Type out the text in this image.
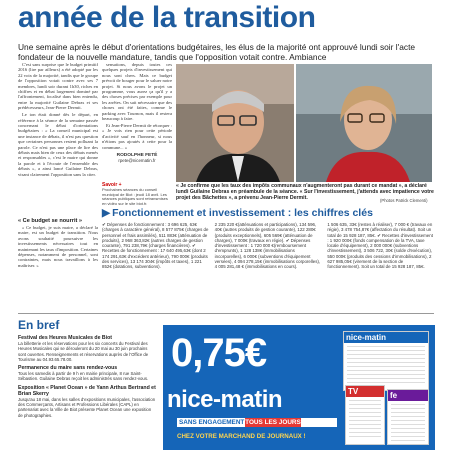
année de la transition
Une semaine après le début d'orientations budgétaires, les élus de la majorité ont approuvé lundi soir l'acte fondateur de la nouvelle mandature, tandis que l'opposition votait contre. Ambiance

C'est sans surprise que le budget primitif 2016 (lire par ailleurs) a été adopté par les 22 voix de la majorité, tandis que le groupe de l'opposition votait contre avec ses 7 membres, lundi soir durant 1h30, riches en chiffres et en débat largement dominé par l'affrontement, focalisé dans bien entendu, entre la majorité Guilaine Debras et ses prédécesseurs, Jean-Pierre Dermit.

Le ton était donné dès le départ, en référence à la séance de la semaine passée concernant le débat d'orientations budgétaires : « La conseil municipal est une instance de débats, il n'est pas question que certaines personnes restent polluant la parole. Ce n'est pas une place de lire des débats mais bien de ceux des débats menés et responsables », c'est le maire qui donne la parole et à l'écoute de l'ensemble des débats », a ainsi lancé Guilaine Debras, visant clairement l'opposition sans la citer.

sensations, depuis toutes ces quelques projets d'investissement qui nous sont chers. Mais ce budget prévoit de bouger pour le saluer notre projet. Si nous avons le projet un programme, vous aurez ça qu'il y a des choses précises par exemple pour les arrêtes. On sait nécessaire que des choses ont été faites, comme le parking avec Tournon, mais il restera beaucoup à faire.

Et Jean-Pierre Dermit de rétorquer : « Je vois rien pour cette période d'activité sauf en l'honneur, si nous n'étions pas ajoutés à cette pour la commune... »

RODOLPHE FETÉ
rpete@nicematin.fr
Savoir +
Prochaines séances du conseil municipal de Biot : jeudi 18 avril. Les séances publiques sont retransmises en vidéo sur le site biot.fr.
« Je confirme que les taux des impôts communaux n'augmenteront pas durant ce mandat », a déclaré lundi Guilaine Debras en préambule de la séance. « Sur l'investissement, j'attends avec impatience votre projet des Bâchettes », a prévenu Jean-Pierre Dermit.	(Photos Patrick Clementi)
« Ce budget se nourrit »

« Ce budget, je suis maire, a déclaré la maire, est un budget de transition. Nous avons souhaité poursuivre les investissements nécessaires tout en maintenant les taux d'imposition. Certaines dépenses, notamment de personnel, sont contraintes, mais nous travaillons à les maîtriser. »

▶ Fonctionnement et investissement : les chiffres clés
✔ Dépenses de fonctionnement : 3 696 625, 63€ (charges à caractère général), 8 577 875€ (charges de personnel et frais assimilés), 511 883€ (atténuation de produits), 2 968 363,82€ (autres charges de gestion courante), 791 238,79€ (charges financières). ✔ Recettes de fonctionnement : 17 640 495,63€ (dont 2 174 291,63€ d'excédent antérieur), 790 000€ (produits des services), 13 174 304€ (impôts et taxes), 1 221 852€ (dotations, subventions).
2 235 220 €(atténuations et participations), 134 596, 40€ (autres produits de gestion courante), 122 280€ (produits exceptionnels), 605 569€ (atténuation de charges), 7 000€ (travaux en régie). ✔ Dépenses d'investissement : 1 720 000 €(remboursement d'emprunts), 1 128 138€ (immobilisations incorporelles), 6 000€ (subventions d'équipement versées), 4 094 278,15€ (immobilisations corporelles), 4 005 281,48 € (immobilisations en cours).
1 506 635, 33€ (restes à réaliser), 7 000 € (travaux en régie), 3 478 754,87€ (affectation du résultat). Soit un total de 15 928 187, 85€. ✔ Recettes d'investissement : 1 920 000€ (fonds compensation de la TVA, taxe locale d'équipement), 2 000 000€ (subventions d'investissement), 3 506 722, 30€ (solde d'exécution), 550 000€ (produits des cessions d'immobilisations), 2 627 985,05€ (virement de la section de fonctionnement). Soit un total de 15 928 187, 85€.
En bref
Festival des Heures Musicales de Biot
La billetterie et les réservations pour les six concerts du Festival des Heures Musicales qui se dérouleront du 20 mai au 30 juin prochains sont ouvertes. Renseignements et réservations auprès de l'Office de Tourisme au 04.93.65.78.00.
Permanence du maire sans rendez-vous
Tous les samedis à partir de 9 h en mairie principale, 8 rue Saint-Sébastien. Guilaine Debras reçoit les administrés sans rendez-vous.
Exposition « Planet Ocean » de Yann Arthus Bertrand et Brian Skerry
Jusqu'au 18 mai, dans les salles d'expositions municipales, l'association des Commerçants, Artisans et Professions Libérales (CAPL) en partenariat avec la Ville de Biot présente Planet Ocean une exposition de photographies.
0,75€
nice-matin
SANS ENGAGEMENT TOUS LES JOURS
CHEZ VOTRE MARCHAND DE JOURNAUX !
nice-matin
TV	fe
